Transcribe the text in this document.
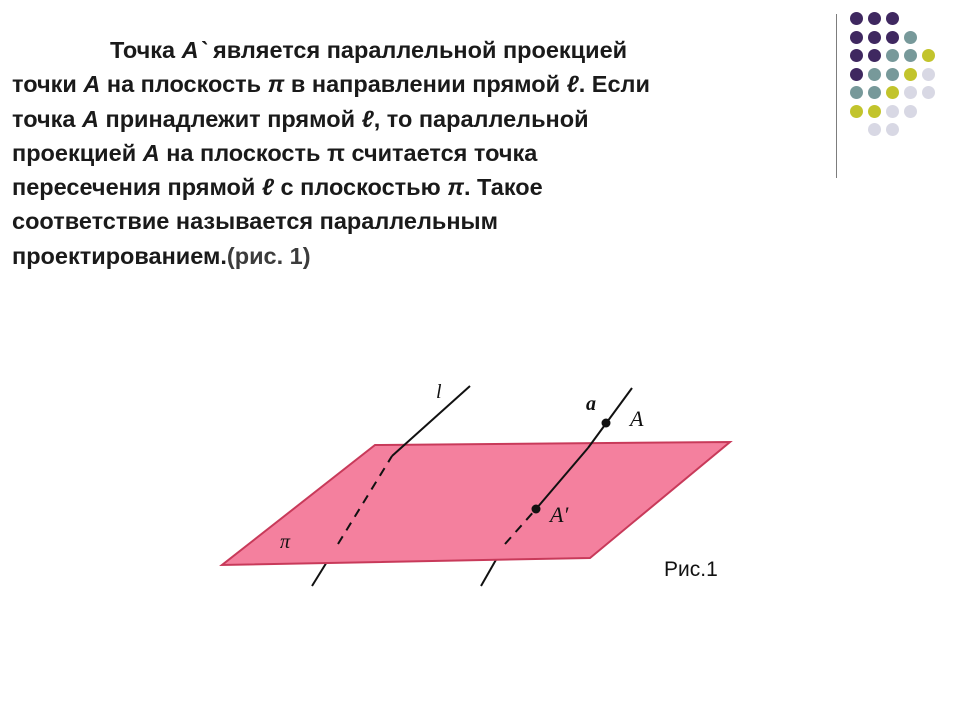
Точка А` является параллельной проекцией
точки А на плоскость π в направлении прямой ℓ. Если
точка А принадлежит прямой ℓ, то параллельной
проекцией А на плоскость π считается точка
пересечения прямой ℓ с плоскостью π. Такое
соответствие называется параллельным
проектированием.(рис. 1)
l
a
A
A′
π
Рис.1
